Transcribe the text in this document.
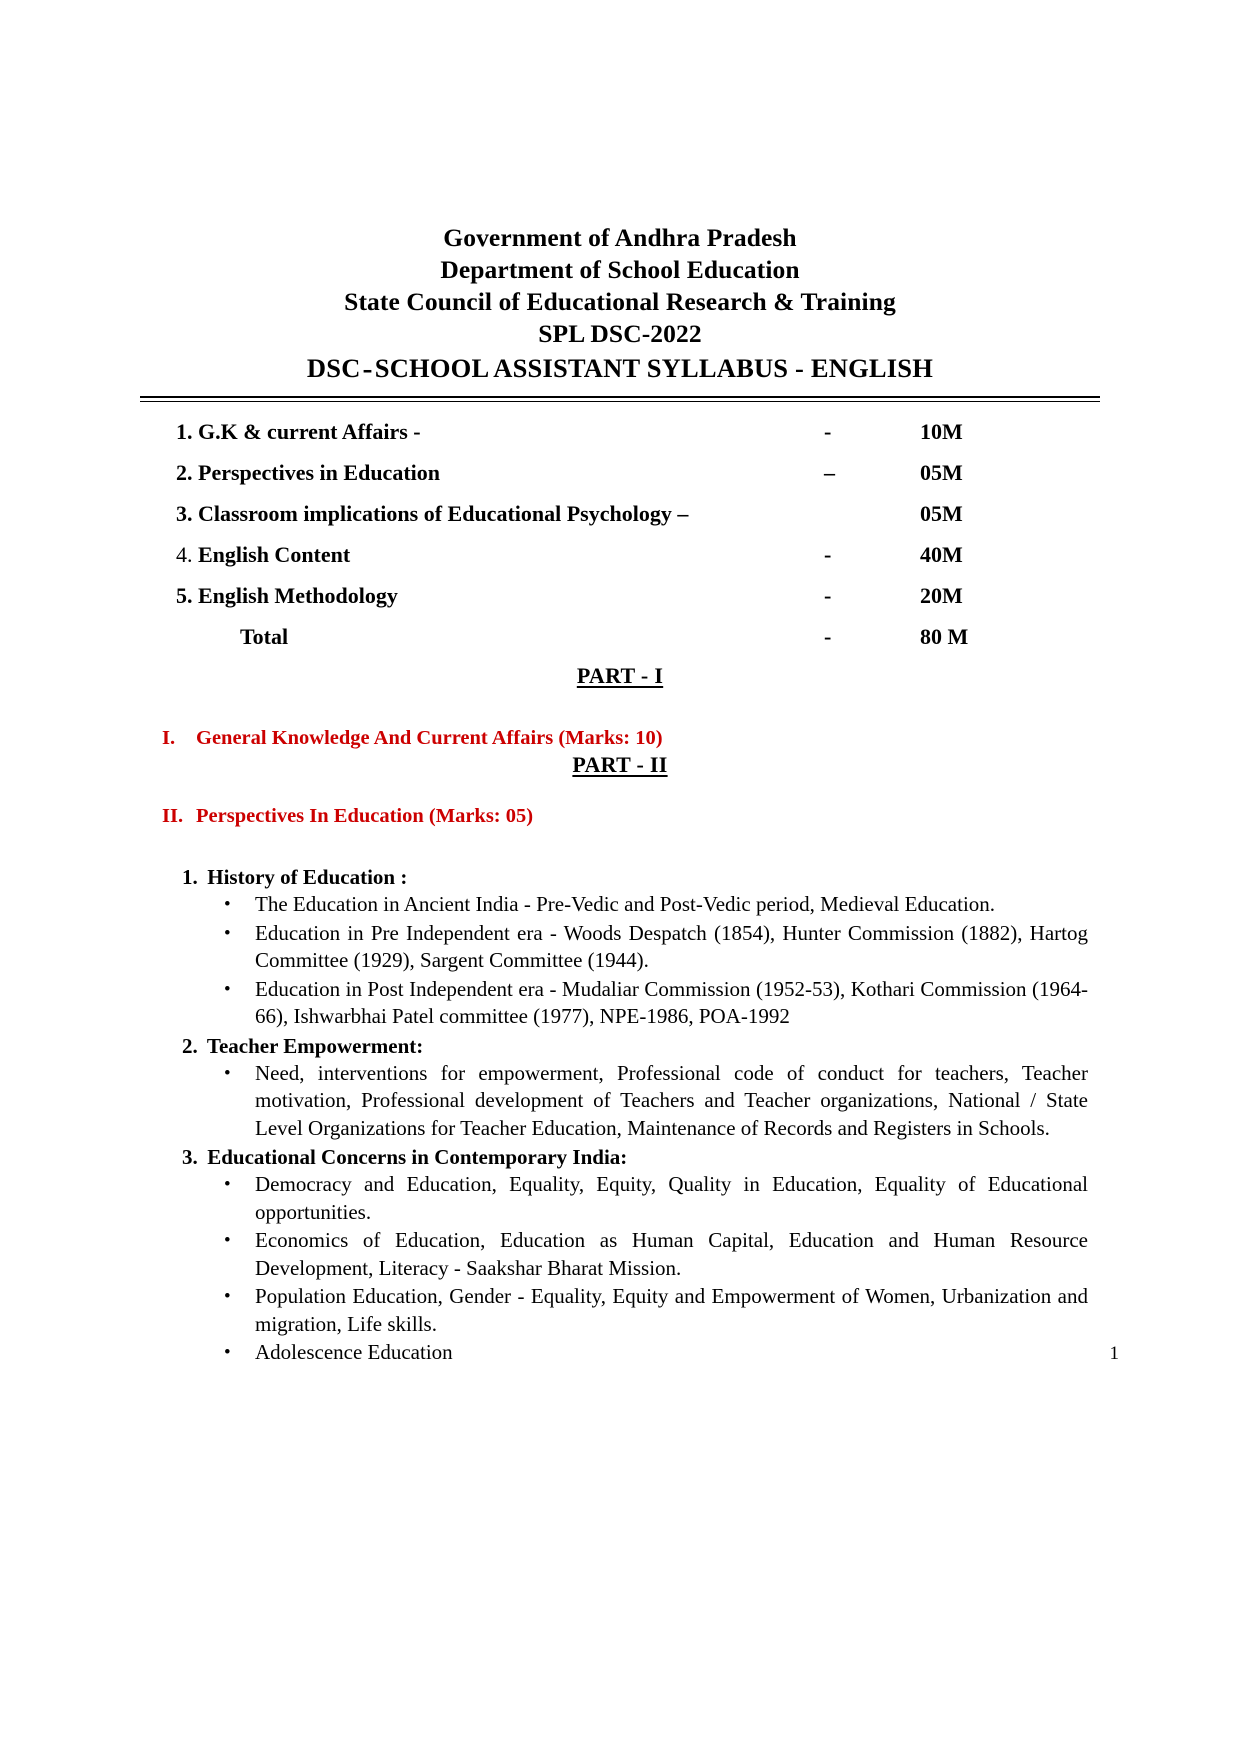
Government of Andhra Pradesh
Department of School Education
State Council of Educational Research & Training
SPL DSC-2022
DSC-SCHOOL ASSISTANT SYLLABUS - ENGLISH
1. G.K & current Affairs -	-	10M
2. Perspectives in Education	–	05M
3. Classroom implications of Educational Psychology –		05M
4. English Content	-	40M
5. English Methodology	-	20M
Total	-	80 M
PART - I
I.	General Knowledge And Current Affairs (Marks: 10)
PART - II
II. Perspectives In Education (Marks: 05)
1. History of Education :
• The Education in Ancient India - Pre-Vedic and Post-Vedic period, Medieval Education.
• Education in Pre Independent era - Woods Despatch (1854), Hunter Commission (1882), Hartog Committee (1929), Sargent Committee (1944).
• Education in Post Independent era - Mudaliar Commission (1952-53), Kothari Commission (1964-66), Ishwarbhai Patel committee (1977), NPE-1986, POA-1992
2. Teacher Empowerment:
• Need, interventions for empowerment, Professional code of conduct for teachers, Teacher motivation, Professional development of Teachers and Teacher organizations, National / State Level Organizations for Teacher Education, Maintenance of Records and Registers in Schools.
3. Educational Concerns in Contemporary India:
• Democracy and Education, Equality, Equity, Quality in Education, Equality of Educational opportunities.
• Economics of Education, Education as Human Capital, Education and Human Resource Development, Literacy - Saakshar Bharat Mission.
• Population Education, Gender - Equality, Equity and Empowerment of Women, Urbanization and migration, Life skills.
• Adolescence Education	1
